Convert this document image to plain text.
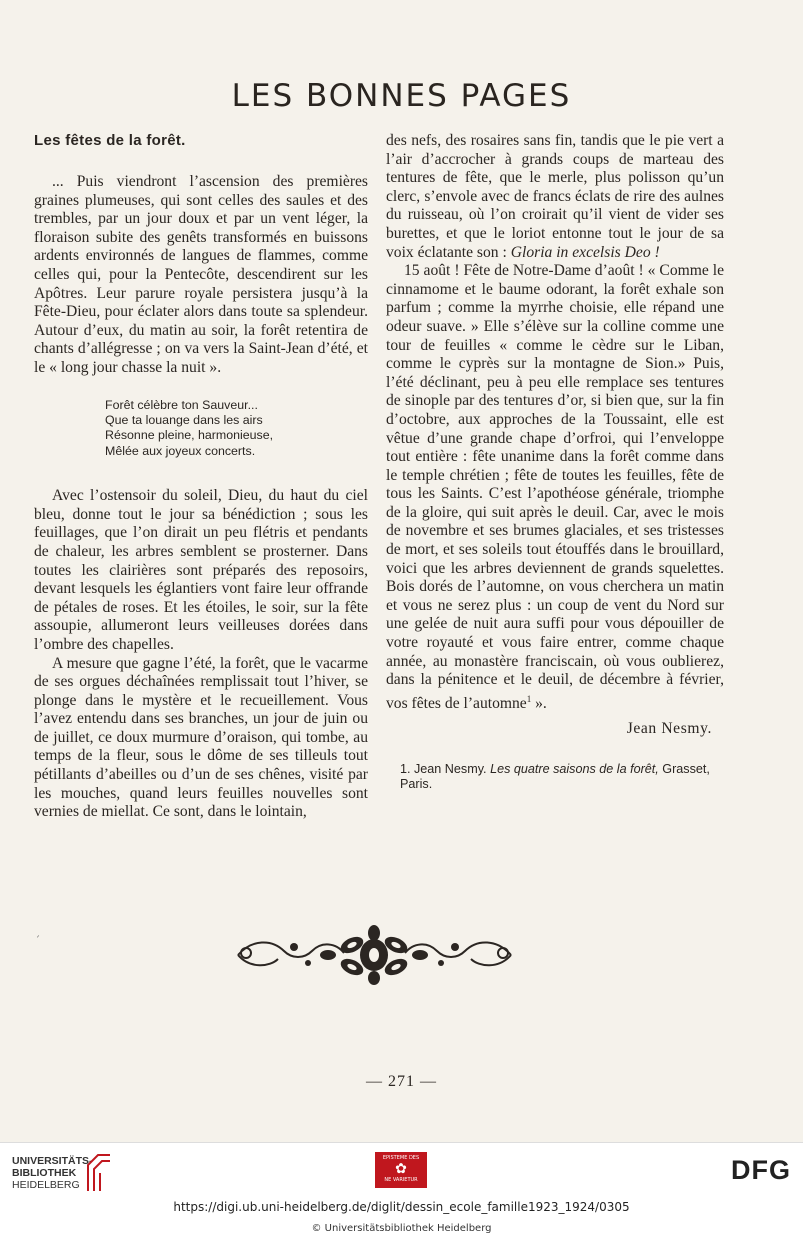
LES BONNES PAGES
Les fêtes de la forêt.

... Puis viendront l’ascension des premières graines plumeuses, qui sont celles des saules et des trembles, par un jour doux et par un vent léger, la floraison subite des genêts transformés en buissons ardents environnés de langues de flammes, comme celles qui, pour la Pentecôte, descendirent sur les Apôtres. Leur parure royale persistera jusqu’à la Fête-Dieu, pour éclater alors dans toute sa splendeur. Autour d’eux, du matin au soir, la forêt retentira de chants d’allégresse ; on va vers la Saint-Jean d’été, et le « long jour chasse la nuit ».

Forêt célèbre ton Sauveur...
Que ta louange dans les airs
Résonne pleine, harmonieuse,
Mêlée aux joyeux concerts.

Avec l’ostensoir du soleil, Dieu, du haut du ciel bleu, donne tout le jour sa bénédiction ; sous les feuillages, que l’on dirait un peu flétris et pendants de chaleur, les arbres semblent se prosterner. Dans toutes les clairières sont préparés des reposoirs, devant lesquels les églantiers vont faire leur offrande de pétales de roses. Et les étoiles, le soir, sur la fête assoupie, allumeront leurs veilleuses dorées dans l’ombre des chapelles.

A mesure que gagne l’été, la forêt, que le vacarme de ses orgues déchaînées remplissait tout l’hiver, se plonge dans le mystère et le recueillement. Vous l’avez entendu dans ses branches, un jour de juin ou de juillet, ce doux murmure d’oraison, qui tombe, au temps de la fleur, sous le dôme de ses tilleuls tout pétillants d’abeilles ou d’un de ses chênes, visité par les mouches, quand leurs feuilles nouvelles sont vernies de miellat. Ce sont, dans le lointain,

des nefs, des rosaires sans fin, tandis que le pie vert a l’air d’accrocher à grands coups de marteau des tentures de fête, que le merle, plus polisson qu’un clerc, s’envole avec de francs éclats de rire des aulnes du ruisseau, où l’on croirait qu’il vient de vider ses burettes, et que le loriot entonne tout le jour de sa voix éclatante son : Gloria in excelsis Deo !

15 août ! Fête de Notre-Dame d’août ! « Comme le cinnamome et le baume odorant, la forêt exhale son parfum ; comme la myrrhe choisie, elle répand une odeur suave. » Elle s’élève sur la colline comme une tour de feuilles « comme le cèdre sur le Liban, comme le cyprès sur la montagne de Sion.» Puis, l’été déclinant, peu à peu elle remplace ses tentures de sinople par des tentures d’or, si bien que, sur la fin d’octobre, aux approches de la Toussaint, elle est vêtue d’une grande chape d’orfroi, qui l’enveloppe tout entière : fête unanime dans la forêt comme dans le temple chrétien ; fête de toutes les feuilles, fête de tous les Saints. C’est l’apothéose générale, triomphe de la gloire, qui suit après le deuil. Car, avec le mois de novembre et ses brumes glaciales, et ses tristesses de mort, et ses soleils tout étouffés dans le brouillard, voici que les arbres deviennent de grands squelettes. Bois dorés de l’automne, on vous cherchera un matin et vous ne serez plus : un coup de vent du Nord sur une gelée de nuit aura suffi pour vous dépouiller de votre royauté et vous faire entrer, comme chaque année, au monastère franciscain, où vous oublierez, dans la pénitence et le deuil, de décembre à février, vos fêtes de l’automne$^1$ ».

Jean Nesmy.

1. Jean Nesmy. Les quatre saisons de la forêt, Grasset, Paris.

´
— 271 —
UNIVERSITÄTS-
BIBLIOTHEK
HEIDELBERG
EPISTEME DES
✿
NE VARIETUR	DFG
https://digi.ub.uni-heidelberg.de/diglit/dessin_ecole_famille1923_1924/0305
© Universitätsbibliothek Heidelberg
